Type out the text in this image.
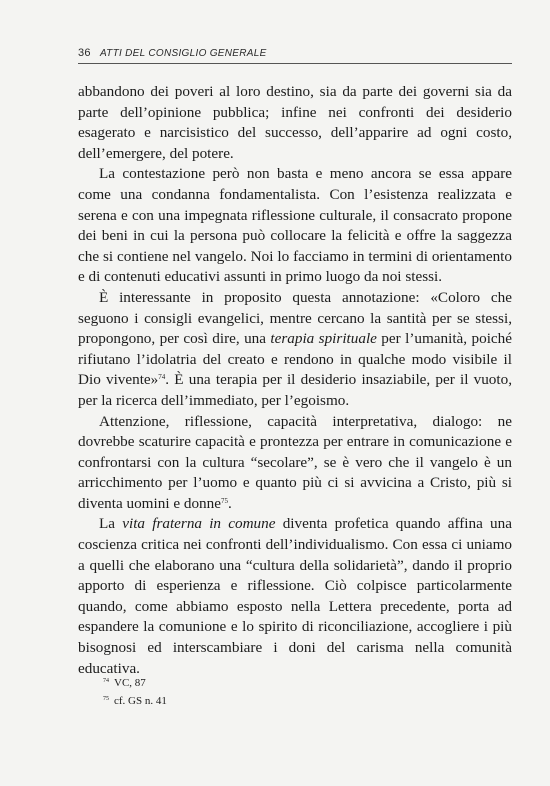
36 ATTI DEL CONSIGLIO GENERALE

abbandono dei poveri al loro destino, sia da parte dei governi sia da parte dell’opinione pubblica; infine nei confronti dei desiderio esagerato e narcisistico del successo, dell’apparire ad ogni costo, dell’emergere, del potere.

La contestazione però non basta e meno ancora se essa appare come una condanna fondamentalista. Con l’esistenza realizzata e serena e con una impegnata riflessione culturale, il consacrato propone dei beni in cui la persona può collocare la felicità e offre la saggezza che si contiene nel vangelo. Noi lo facciamo in termini di orientamento e di contenuti educativi assunti in primo luogo da noi stessi.

È interessante in proposito questa annotazione: «Coloro che seguono i consigli evangelici, mentre cercano la santità per se stessi, propongono, per così dire, una terapia spirituale per l’umanità, poiché rifiutano l’idolatria del creato e rendono in qualche modo visibile il Dio vivente»$^{74}$. È una terapia per il desiderio insaziabile, per il vuoto, per la ricerca dell’immediato, per l’egoismo.

Attenzione, riflessione, capacità interpretativa, dialogo: ne dovrebbe scaturire capacità e prontezza per entrare in comunicazione e confrontarsi con la cultura “secolare”, se è vero che il vangelo è un arricchimento per l’uomo e quanto più ci si avvicina a Cristo, più si diventa uomini e donne$^{75}$.

La vita fraterna in comune diventa profetica quando affina una coscienza critica nei confronti dell’individualismo. Con essa ci uniamo a quelli che elaborano una “cultura della solidarietà”, dando il proprio apporto di esperienza e riflessione. Ciò colpisce particolarmente quando, come abbiamo esposto nella Lettera precedente, porta ad espandere la comunione e lo spirito di riconciliazione, accogliere i più bisognosi ed interscambiare i doni del carisma nella comunità educativa.

$^{74}$ VC, 87
$^{75}$ cf. GS n. 41
